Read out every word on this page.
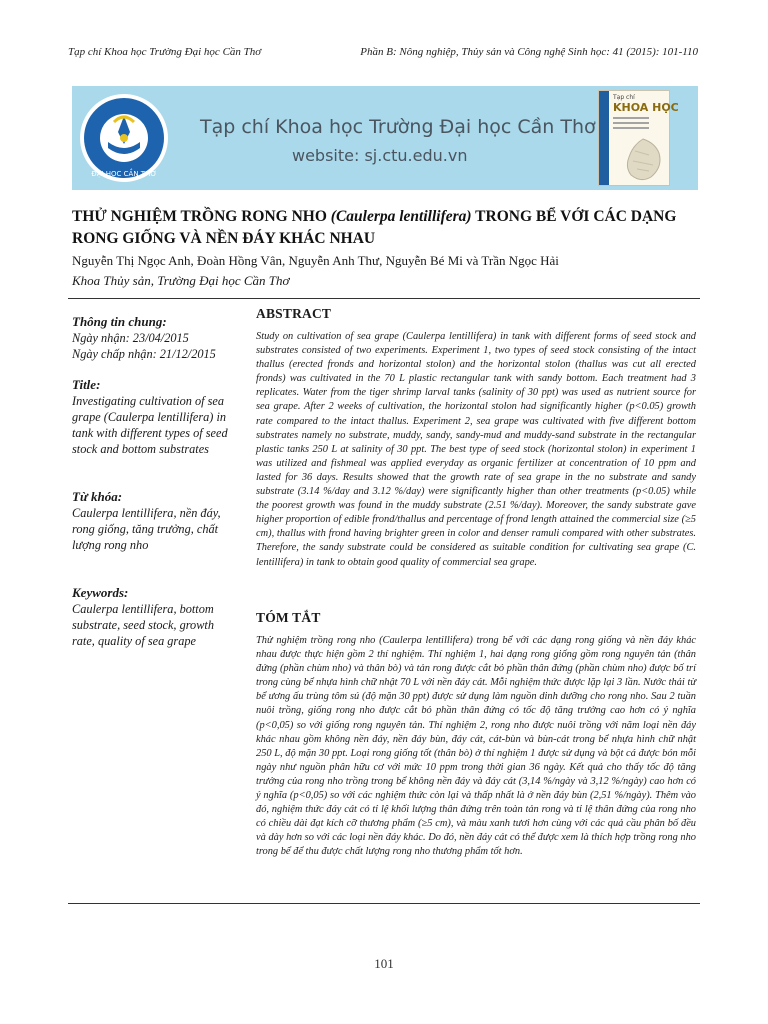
Tạp chí Khoa học Trường Đại học Cần Thơ	Phần B: Nông nghiệp, Thủy sản và Công nghệ Sinh học: 41 (2015): 101-110
ĐẠI HỌC CẦN THƠ
Tạp chí Khoa học Trường Đại học Cần Thơ
website: sj.ctu.edu.vn
Tạp chí
KHOA HỌC
THỬ NGHIỆM TRỒNG RONG NHO (Caulerpa lentillifera) TRONG BỂ VỚI CÁC DẠNG RONG GIỐNG VÀ NỀN ĐÁY KHÁC NHAU

Nguyễn Thị Ngọc Anh, Đoàn Hồng Vân, Nguyễn Anh Thư, Nguyễn Bé Mi và Trần Ngọc Hải

Khoa Thủy sản, Trường Đại học Cần Thơ

Thông tin chung:

Ngày nhận: 23/04/2015

Ngày chấp nhận: 21/12/2015

Title:

Investigating cultivation of sea grape (Caulerpa lentillifera) in tank with different types of seed stock and bottom substrates

Từ khóa:

Caulerpa lentillifera, nền đáy, rong giống, tăng trưởng, chất lượng rong nho

Keywords:

Caulerpa lentillifera, bottom substrate, seed stock, growth rate, quality of sea grape

ABSTRACT

Study on cultivation of sea grape (Caulerpa lentillifera) in tank with different forms of seed stock and substrates consisted of two experiments. Experiment 1, two types of seed stock consisting of the intact thallus (erected fronds and horizontal stolon) and the horizontal stolon (thallus was cut all erected fronds) was cultivated in the 70 L plastic rectangular tank with sandy bottom. Each treatment had 3 replicates. Water from the tiger shrimp larval tanks (salinity of 30 ppt) was used as nutrient source for sea grape. After 2 weeks of cultivation, the horizontal stolon had significantly higher (p<0.05) growth rate compared to the intact thallus. Experiment 2, sea grape was cultivated with five different bottom substrates namely no substrate, muddy, sandy, sandy-mud and muddy-sand substrate in the rectangular plastic tanks 250 L at salinity of 30 ppt. The best type of seed stock (horizontal stolon) in experiment 1 was utilized and fishmeal was applied everyday as organic fertilizer at concentration of 10 ppm and lasted for 36 days. Results showed that the growth rate of sea grape in the no substrate and sandy substrate (3.14 %/day and 3.12 %/day) were significantly higher than other treatments (p<0.05) while the poorest growth was found in the muddy substrate (2.51 %/day). Moreover, the sandy substrate gave higher proportion of edible frond/thallus and percentage of frond length attained the commercial size (≥5 cm), thallus with frond having brighter green in color and denser ramuli compared with other substrates. Therefore, the sandy substrate could be considered as suitable condition for cultivating sea grape (C. lentillifera) in tank to obtain good quality of commercial sea grape.

TÓM TẮT

Thử nghiệm trồng rong nho (Caulerpa lentillifera) trong bể với các dạng rong giống và nền đáy khác nhau được thực hiện gồm 2 thí nghiệm. Thí nghiệm 1, hai dạng rong giống gồm rong nguyên tản (thân đứng (phần chùm nho) và thân bò) và tản rong được cắt bỏ phần thân đứng (phần chùm nho) được bố trí trong cùng bể nhựa hình chữ nhật 70 L với nền đáy cát. Mỗi nghiệm thức được lặp lại 3 lần. Nước thải từ bể ương ấu trùng tôm sú (độ mặn 30 ppt) được sử dụng làm nguồn dinh dưỡng cho rong nho. Sau 2 tuần nuôi trồng, giống rong nho được cắt bỏ phần thân đứng có tốc độ tăng trưởng cao hơn có ý nghĩa (p<0,05) so với giống rong nguyên tản. Thí nghiệm 2, rong nho được nuôi trồng với năm loại nền đáy khác nhau gồm không nền đáy, nền đáy bùn, đáy cát, cát-bùn và bùn-cát trong bể nhựa hình chữ nhật 250 L, độ mặn 30 ppt. Loại rong giống tốt (thân bò) ở thí nghiệm 1 được sử dụng và bột cá được bón mỗi ngày như nguồn phân hữu cơ với mức 10 ppm trong thời gian 36 ngày. Kết quả cho thấy tốc độ tăng trưởng của rong nho trồng trong bể không nền đáy và đáy cát (3,14 %/ngày và 3,12 %/ngày) cao hơn có ý nghĩa (p<0,05) so với các nghiệm thức còn lại và thấp nhất là ở nền đáy bùn (2,51 %/ngày). Thêm vào đó, nghiệm thức đáy cát có tỉ lệ khối lượng thân đứng trên toàn tản rong và tỉ lệ thân đứng của rong nho có chiều dài đạt kích cỡ thương phẩm (≥5 cm), và màu xanh tươi hơn cùng với các quả cầu phân bố đều và dày hơn so với các loại nền đáy khác. Do đó, nền đáy cát có thể được xem là thích hợp trồng rong nho trong bể để thu được chất lượng rong nho thương phẩm tốt hơn.

101
